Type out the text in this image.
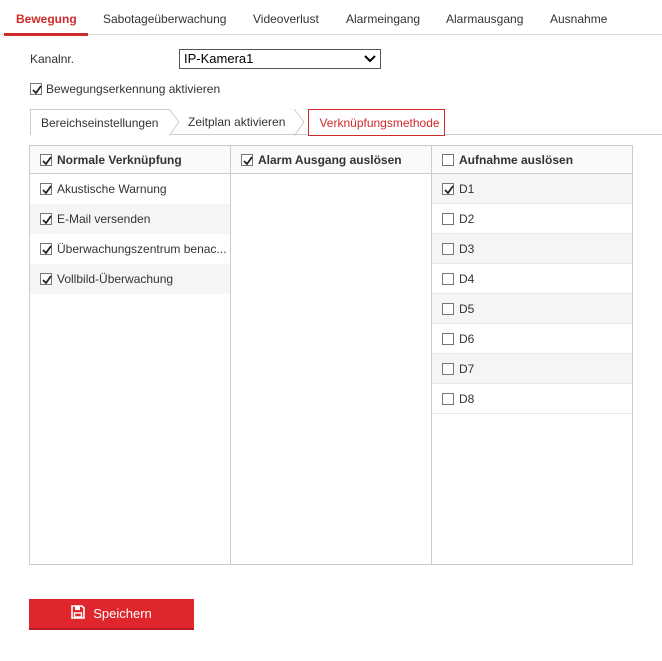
Bewegung Sabotageüberwachung Videoverlust Alarmeingang Alarmausgang Ausnahme
Kanalnr.	IP-Kamera1
Bewegungserkennung aktivieren
Bereichseinstellungen	Zeitplan aktivieren	Verknüpfungsmethode
Normale Verknüpfung
Akustische Warnung
E-Mail versenden
Überwachungszentrum benac...
Vollbild-Überwachung
Alarm Ausgang auslösen	Aufnahme auslösen
D1
D2
D3
D4
D5
D6
D7
D8
Speichern
